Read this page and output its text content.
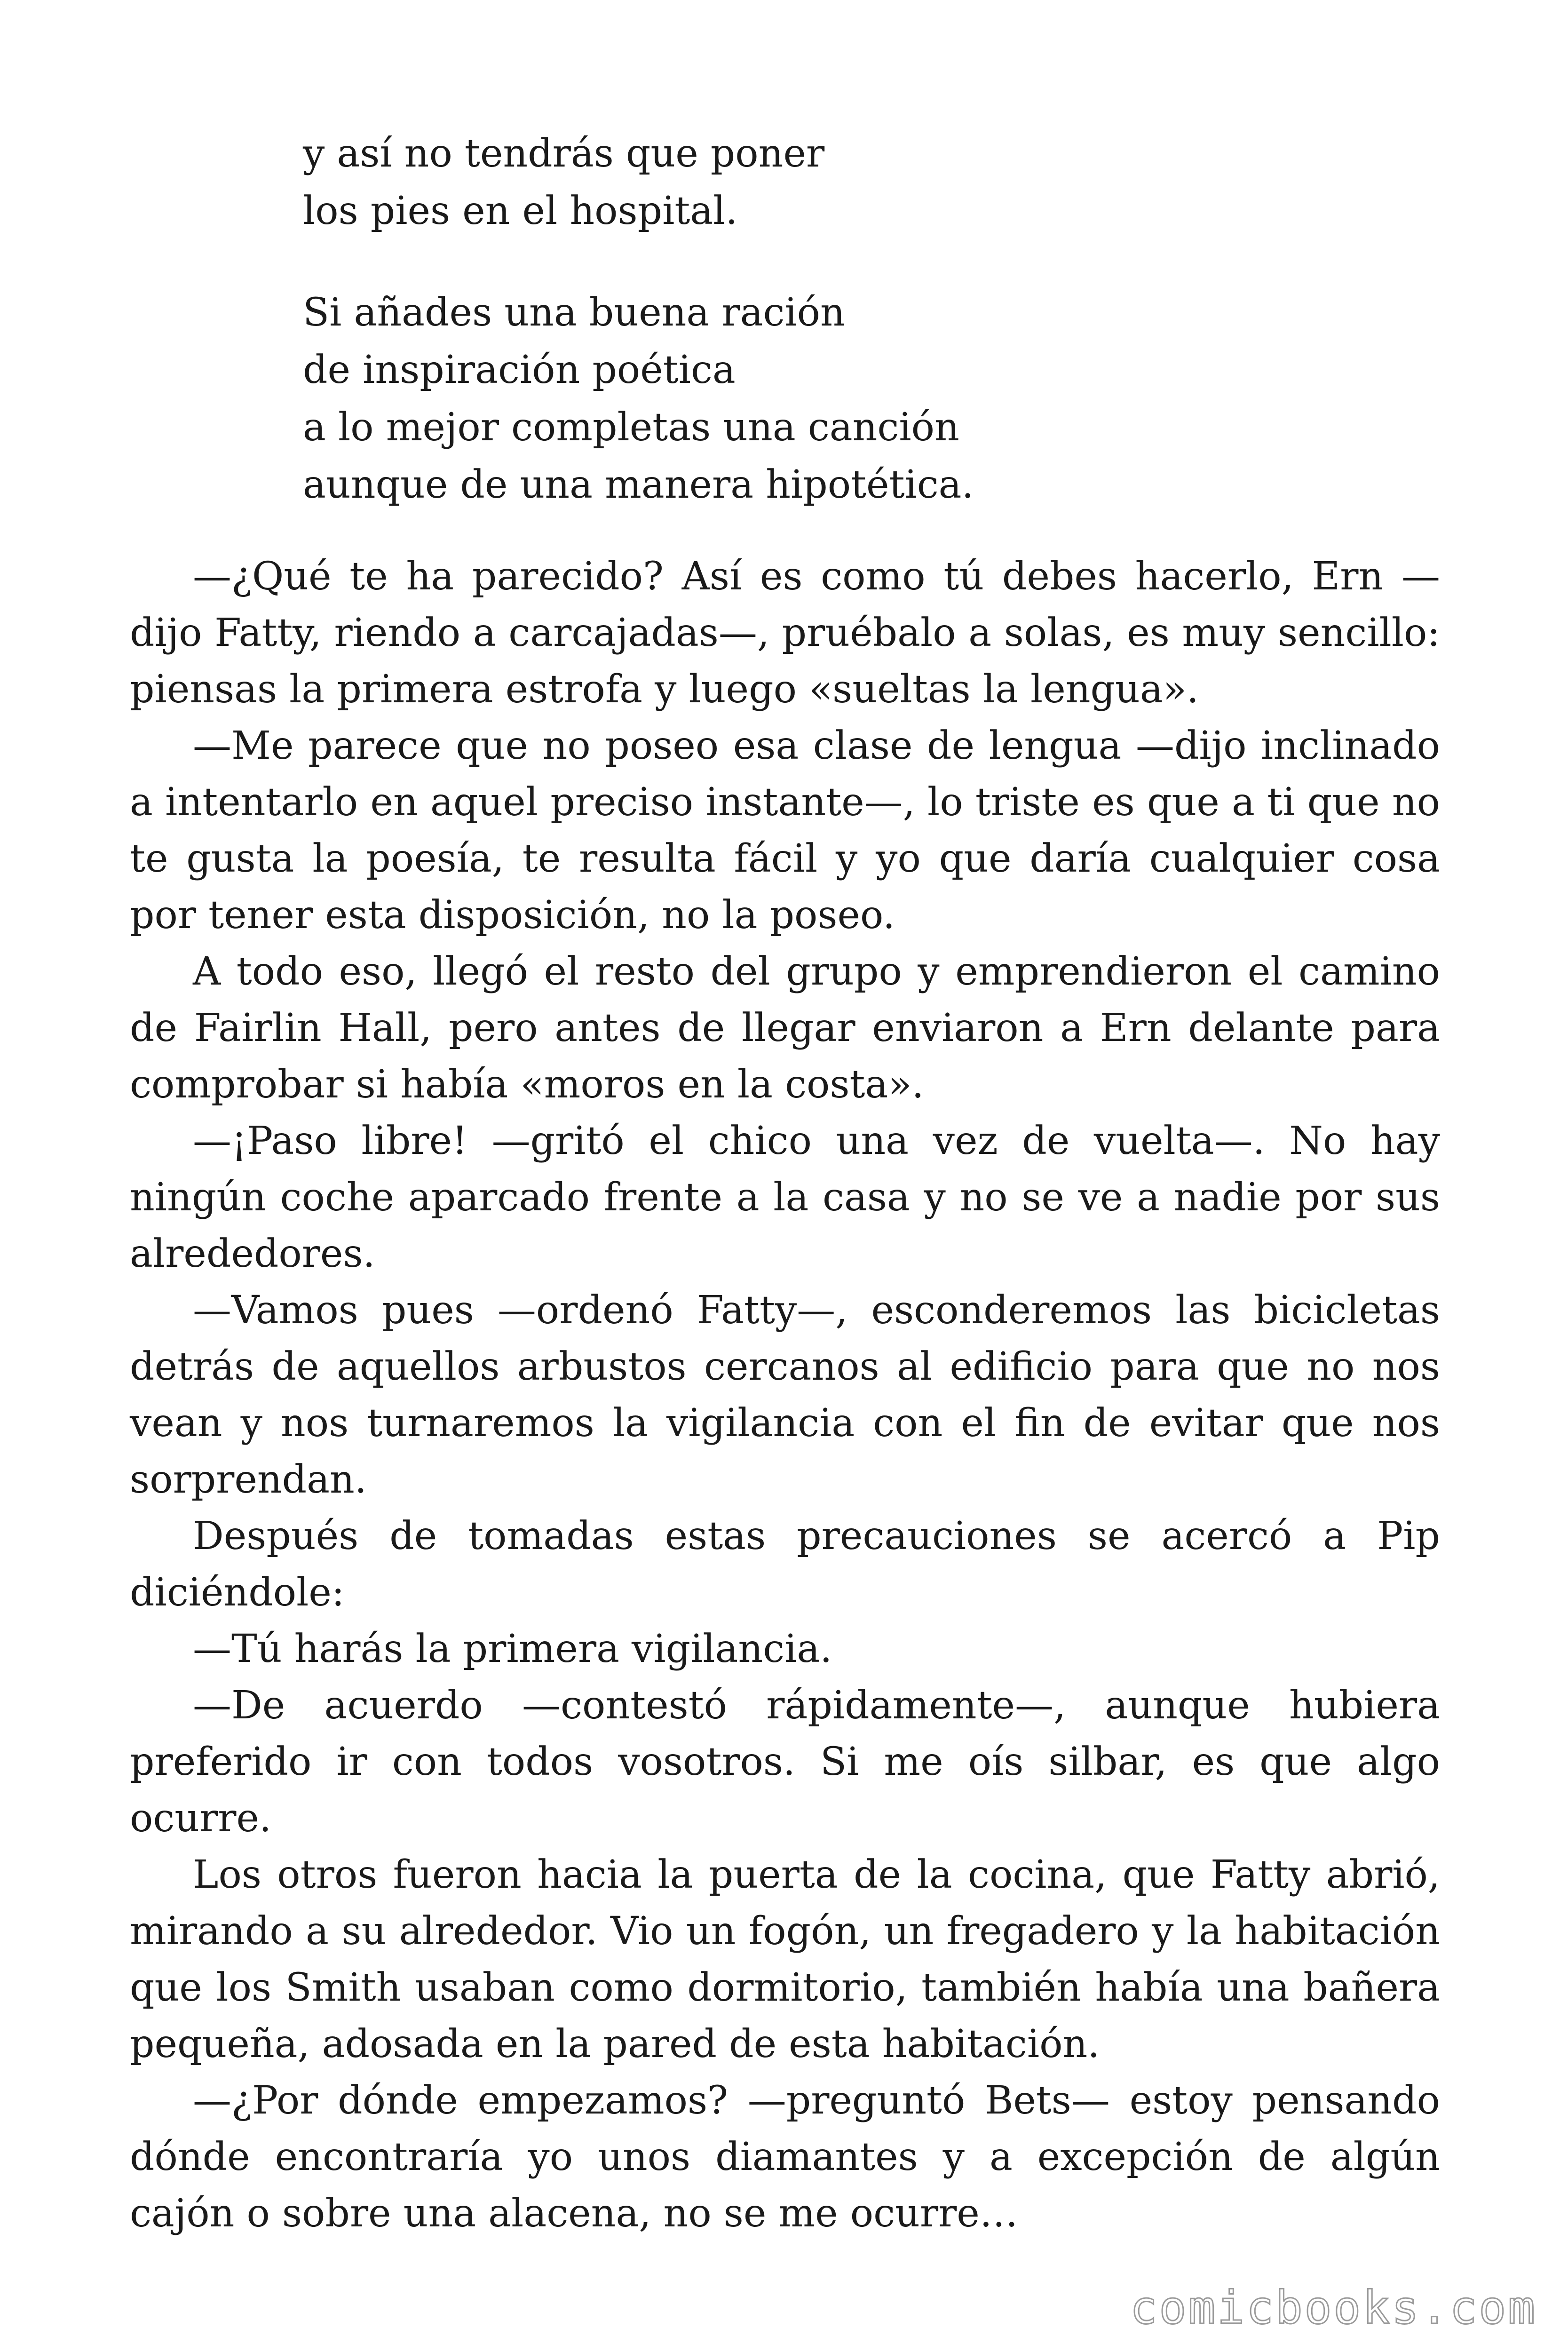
y así no tendrás que poner
los pies en el hospital.
Si añades una buena ración
de inspiración poética
a lo mejor completas una canción
aunque de una manera hipotética.

—¿Qué te ha parecido? Así es como tú debes hacerlo, Ern —dijo Fatty, riendo a carcajadas—, pruébalo a solas, es muy sencillo: piensas la primera estrofa y luego «sueltas la lengua».

—Me parece que no poseo esa clase de lengua —dijo inclinado a intentarlo en aquel preciso instante—, lo triste es que a ti que no te gusta la poesía, te resulta fácil y yo que daría cualquier cosa por tener esta disposición, no la poseo.

A todo eso, llegó el resto del grupo y emprendieron el camino de Fairlin Hall, pero antes de llegar enviaron a Ern delante para comprobar si había «moros en la costa».

—¡Paso libre! —gritó el chico una vez de vuelta—. No hay ningún coche aparcado frente a la casa y no se ve a nadie por sus alrededores.

—Vamos pues —ordenó Fatty—, esconderemos las bicicletas detrás de aquellos arbustos cercanos al edificio para que no nos vean y nos turnaremos la vigilancia con el fin de evitar que nos sorprendan.

Después de tomadas estas precauciones se acercó a Pip diciéndole:

—Tú harás la primera vigilancia.

—De acuerdo —contestó rápidamente—, aunque hubiera preferido ir con todos vosotros. Si me oís silbar, es que algo ocurre.

Los otros fueron hacia la puerta de la cocina, que Fatty abrió, mirando a su alrededor. Vio un fogón, un fregadero y la habitación que los Smith usaban como dormitorio, también había una bañera pequeña, adosada en la pared de esta habitación.

—¿Por dónde empezamos? —preguntó Bets— estoy pensando dónde encontraría yo unos diamantes y a excepción de algún cajón o sobre una alacena, no se me ocurre…

comicbooks.com
